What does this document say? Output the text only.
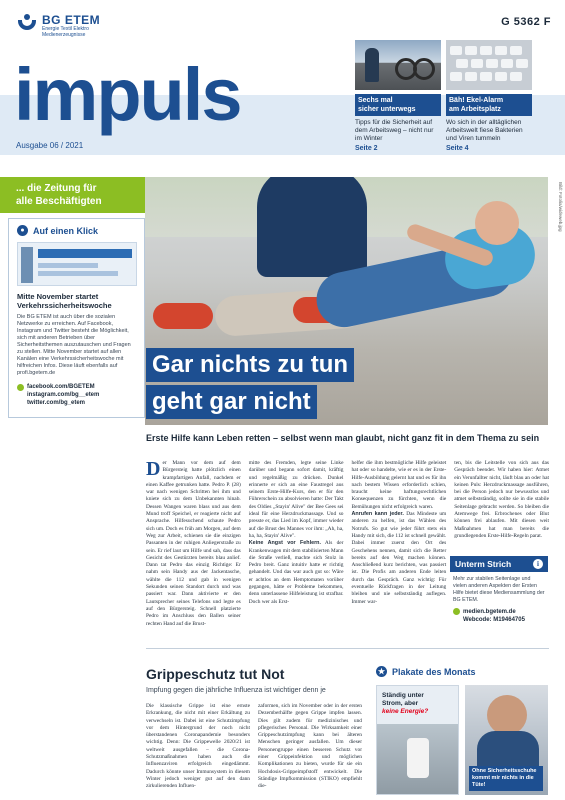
BG ETEM
Energie Textil Elektro
Medienerzeugnisse
G 5362 F
impuls
Ausgabe 06 / 2021
Sechs mal
sicher unterwegs
Tipps für die Sicherheit auf dem Arbeitsweg – nicht nur im Winter
Seite 2
Bäh! Ekel-Alarm
am Arbeitsplatz
Wo sich in der alltäglichen Arbeitswelt fiese Bakterien und Viren tummeln
Seite 4
... die Zeitung für
alle Beschäftigten
● Auf einen Klick
Mitte November startet
Verkehrssicherheitswoche
Die BG ETEM ist auch über die sozialen Netzwerke zu erreichen. Auf Facebook, Instagram und Twitter besteht die Möglichkeit, sich mit anderen Betrieben über Sicherheitsthemen auszutauschen und Fragen zu stellen. Mitte November startet auf allen Kanälen eine Verkehrssicherheitswoche mit hilfreichen Infos. Diese läuft ebenfalls auf profi.bgetem.de
facebook.com/BGETEM
instagram.com/bg__etem
twitter.com/bg_etem
Bild: Fotolia/wideweb.jpg
Gar nichts zu tun
geht gar nicht
Erste Hilfe kann Leben retten – selbst wenn man glaubt, nicht ganz fit in dem Thema zu sein
D er Mann vor dem auf dem Bürgersteig hatte plötzlich einen krampfartigen Anfall, nachdem er einen Kaffee getrunken hatte. Pedro P. (28) war nach wenigen Schritten bei ihm und kniete sich zu dem Unbekannten hinab. Dessen Wangen waren blass und aus dem Mund troff Speichel, er reagierte nicht auf Ansprache. Hilfesuchend schaute Pedro sich um. Doch es früh am Morgen, auf dem Weg zur Arbeit, schienen sie die einzigen Passanten in der ruhigen Anliegerstraße zu sein. Er rief laut um Hilfe und sah, dass das Gesicht des Gestürzten bereits blau anlief. Dann tat Pedro das einzig Richtige: Er nahm sein Handy aus der Jackentasche, wählte die 112 und gab in wenigen Sekunden seinen Standort durch und was passiert war. Dann aktivierte er den Lautsprecher seines Telefons und legte es auf den Bürgersteig. Schnell platzierte Pedro im Anschluss den Ballen seiner rechten Hand auf die Brust-

mitte des Fremden, legte seine Linke darüber und begann sofort damit, kräftig und regelmäßig zu drücken. Dunkel erinnerte er sich an eine Faustregel aus seinem Erste-Hilfe-Kurs, den er für den Führerschein zu absolvieren hatte: Der Takt des Oldies „Stayin' Alive" der Bee Gees sei ideal für eine Herzdruckmassage. Und so presste er, das Lied im Kopf, immer wieder auf die Brust des Mannes vor ihm: „Ah, ha, ha, ha, Stayin' Alive".

Keine Angst vor Fehlern. Als der Krankenwagen mit dem stabilisierten Mann die Straße verließ, machte sich Stolz in Pedro breit. Ganz intuitiv hatte er richtig gehandelt. Und das war auch gut so: Wäre er achtlos an dem Hemptomaten vorüber gegangen, hätte er Probleme bekommen, denn unterlassene Hilfeleistung ist strafbar. Doch wer als Erst-

helfer die ihm bestmögliche Hilfe geleistet hat oder so handelte, wie er es in der Erste-Hilfe-Ausbildung gelernt hat und es für ihn nach bestem Wissen erforderlich schien, braucht keine haftungsrechtlichen Konsequenzen zu fürchten, wenn die Bemühungen nicht erfolgreich waren.

Anrufen kann jeder. Das Mindeste um anderen zu helfen, ist das Wählen des Notrufs. So gut wie jeder führt stets ein Handy mit sich, die 112 ist schnell gewählt. Dabei immer zuerst den Ort des Geschehens nennen, damit sich die Retter bereits auf den Weg machen können. Anschließend kurz berichten, was passiert ist. Die Profis am anderen Ende leiten durch das Gespräch. Ganz wichtig: Für eventuelle Rückfragen in der Leitung bleiben und nie selbstständig auflegen. Immer war-

ten, bis die Leitstelle von sich aus das Gespräch beendet. Wir haben hier: Atmet ein Verunfallter nicht, läuft blau an oder hat keinen Puls: Herzdruckmassage ausführen, bei die Person jedoch nur bewusstlos und atmet selbstständig, sollte sie in die stabile Seitenlage gebracht werden. So bleiben die Atemwege frei. Erbrochenes oder Blut können frei ablaufen. Mit diesen weit Maßnahmen hat man bereits die grundlegenden Erste-Hilfe-Regeln parat.

Unterm Strich	i
Mehr zur stabilen Seitenlage und vielen anderen Aspekten der Ersten Hilfe bietet diese Mediensammlung der BG ETEM.
medien.bgetem.de
Webcode: M19464705
Grippeschutz tut Not
Impfung gegen die jährliche Influenza ist wichtiger denn je
Die klassische Grippe ist eine ernste Erkrankung, die nicht mit einer Erkältung zu verwechseln ist. Dabei ist eine Schutzimpfung vor dem Hintergrund der noch nicht überstandenen Coronapandemie besonders wichtig. Denn: Die Grippewelle 2020/21 ist weltweit ausgefallen – die Corona-Schutzmaßnahmen haben auch die Influenzaviren erfolgreich eingedämmt. Dadurch könnte unser Immunsystem in diesem Winter jedoch weniger gut auf den dann zirkulierenden Influen-
zaformen, sich im November oder in der ersten Dezemberhälfte gegen Grippe impfen lassen. Dies gilt zudem für medizinisches und pflegerisches Personal. Die Wirksamkeit einer Grippeschutzimpfung kann bei älteren Menschen geringer ausfallen. Um dieser Personengruppe einen besseren Schutz vor einer Grippeinfektion und möglichen Komplikationen zu bieten, wurde für sie ein Hochdosis-Grippeimpfstoff entwickelt. Die Ständige Impfkommission (STIKO) empfiehlt die-
★ Plakate des Monats
Ständig unter
Strom, aber
keine Energie?
Ohne Sicherheitsschuhe kommt mir nichts in die Tüte!
